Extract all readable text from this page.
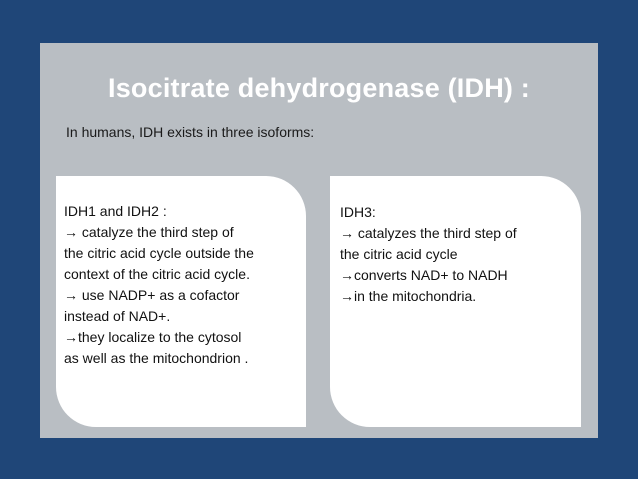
Isocitrate dehydrogenase (IDH) :

In humans, IDH exists in three isoforms:

IDH1 and IDH2 :
→ catalyze the third step of
the citric acid cycle outside the
context of the citric acid cycle.
→ use NADP+ as a cofactor
instead of NAD+.
→they localize to the cytosol
as well as the mitochondrion .
IDH3:
→ catalyzes the third step of
the citric acid cycle
→converts NAD+ to NADH
→in the mitochondria.
